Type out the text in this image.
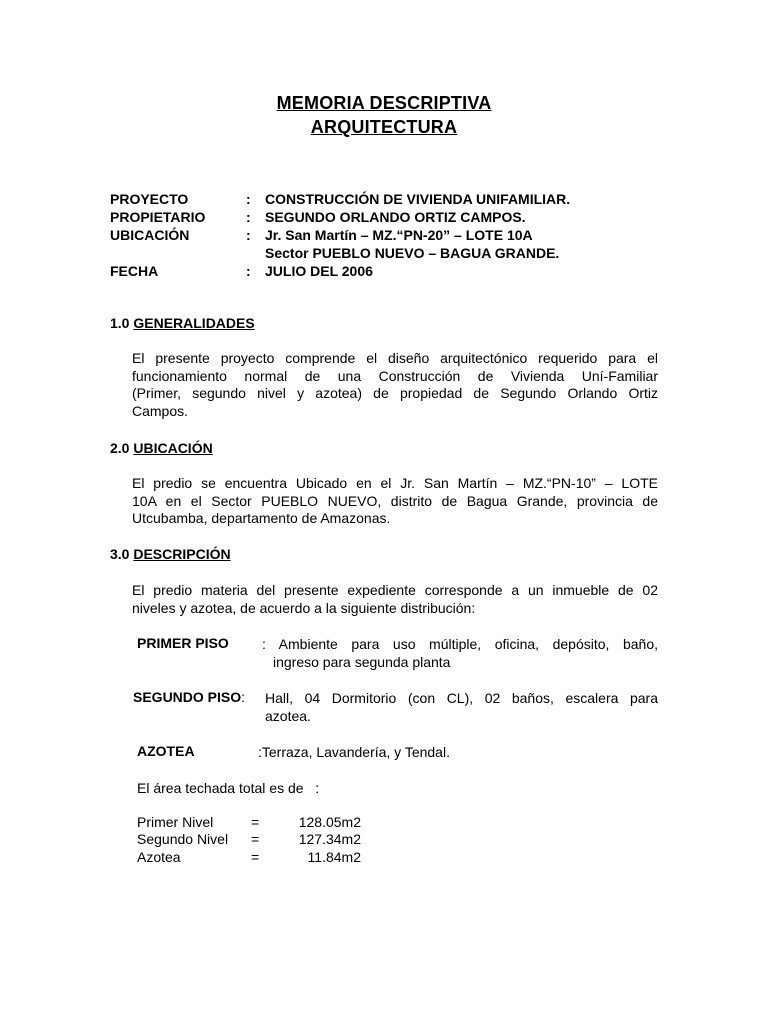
MEMORIA DESCRIPTIVA
ARQUITECTURA
PROYECTO	: CONSTRUCCIÓN DE VIVIENDA UNIFAMILIAR.
PROPIETARIO	: SEGUNDO ORLANDO ORTIZ CAMPOS.
UBICACIÓN	: Jr. San Martín – MZ.“PN-20” – LOTE 10A
Sector PUEBLO NUEVO – BAGUA GRANDE.
FECHA	: JULIO DEL 2006
1.0 GENERALIDADES
El presente proyecto comprende el diseño arquitectónico requerido para el
funcionamiento normal de una Construcción de Vivienda Uní-Familiar
(Primer, segundo nivel y azotea) de propiedad de Segundo Orlando Ortiz
Campos.
2.0 UBICACIÓN
El predio se encuentra Ubicado en el Jr. San Martín – MZ.“PN-10” – LOTE
10A en el Sector PUEBLO NUEVO, distrito de Bagua Grande, provincia de
Utcubamba, departamento de Amazonas.
3.0 DESCRIPCIÓN
El predio materia del presente expediente corresponde a un inmueble de 02
niveles y azotea, de acuerdo a la siguiente distribución:
PRIMER PISO : Ambiente para uso múltiple, oficina, depósito, baño,
ingreso para segunda planta
SEGUNDO PISO: Hall, 04 Dormitorio (con CL), 02 baños, escalera para
azotea.
AZOTEA	:Terraza, Lavandería, y Tendal.
El área techada total es de   :
Primer Nivel	=	128.05m2
Segundo Nivel =	127.34m2
Azotea	=	11.84m2
